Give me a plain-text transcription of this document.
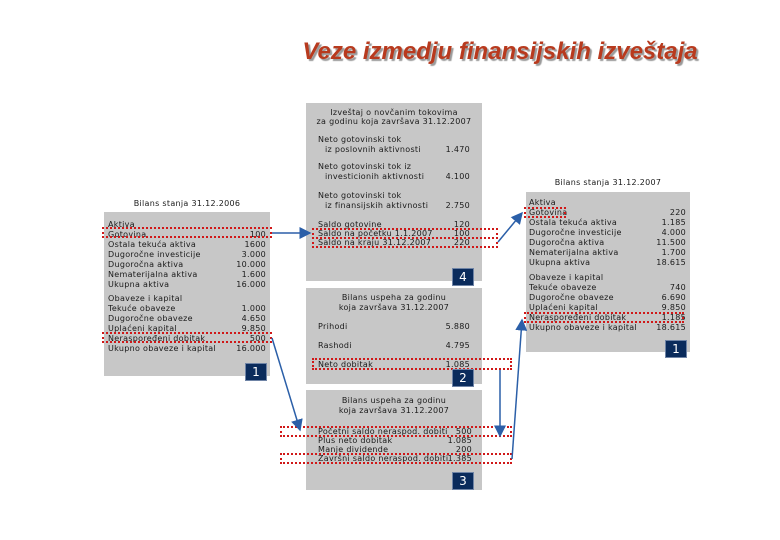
Veze izmedju finansijskih izveštaja
Izveštaj o novčanim tokovima
za godinu koja završava 31.12.2007
Neto gotovinski tok
iz poslovnih aktivnosti	1.470
Neto gotovinski tok iz
investicionih aktivnosti	4.100
Neto gotovinski tok
iz finansijskih aktivnosti	2.750
Saldo gotovine	120
Saldo na početku 1.1.2007	100
Saldo na kraju 31.12.2007	220
4
Bilans stanja 31.12.2006
Aktiva
Gotovina	100
Ostala tekuća aktiva	1600
Dugoročne investicije	3.000
Dugoročna aktiva	10.000
Nematerijalna aktiva	1.600
Ukupna aktiva	16.000
Obaveze i kapital
Tekuće obaveze	1.000
Dugoročne obaveze	4.650
Uplaćeni kapital	9.850
Neraspoređeni dobitak	500
Ukupno obaveze i kapital	16.000
1
Bilans stanja 31.12.2007
Aktiva
Gotovina	220
Ostala tekuća aktiva	1.185
Dugoročne investicije	4.000
Dugoročna aktiva	11.500
Nematerijalna aktiva	1.700
Ukupna aktiva	18.615
Obaveze i kapital
Tekuće obaveze	740
Dugoročne obaveze	6.690
Uplaćeni kapital	9.850
Neraspoređeni dobitak	1.185
Ukupno obaveze i kapital	18.615
1
Bilans uspeha za godinu
koja završava 31.12.2007
Prihodi	5.880
Rashodi	4.795
Neto dobitak	1.085
2
Bilans uspeha za godinu
koja završava 31.12.2007
Početni saldo neraspod. dobiti	500
Plus neto dobitak	1.085
Manje dividende	200
Završni saldo neraspod. dobiti 1.385
3
